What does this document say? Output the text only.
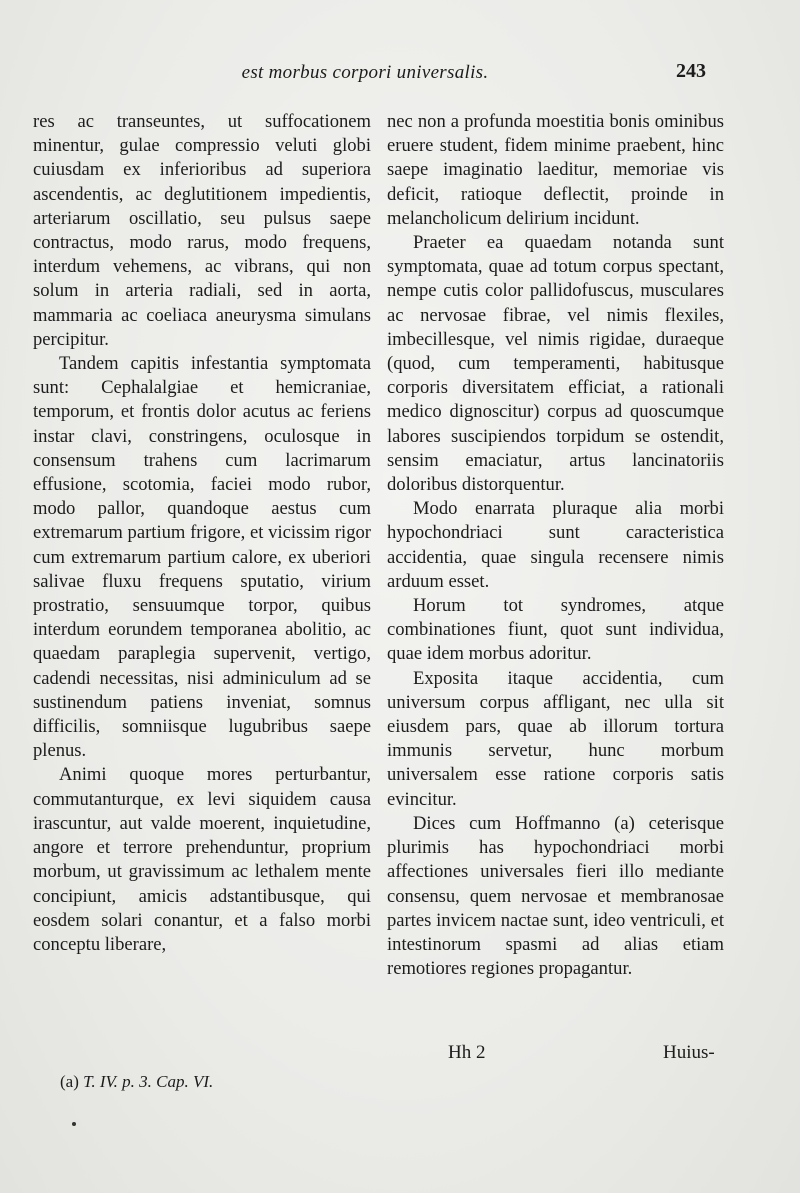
est morbus corpori universalis.	243

res ac transeuntes, ut suffocationem minentur, gulae compressio veluti globi cuiusdam ex inferioribus ad superiora ascendentis, ac deglutitionem impedientis, arteriarum oscillatio, seu pulsus saepe contractus, modo rarus, modo frequens, interdum vehemens, ac vibrans, qui non solum in arteria radiali, sed in aorta, mammaria ac coeliaca aneurysma simulans percipitur.

Tandem capitis infestantia symptomata sunt: Cephalalgiae et hemicraniae, temporum, et frontis dolor acutus ac feriens instar clavi, constringens, oculosque in consensum trahens cum lacrimarum effusione, scotomia, faciei modo rubor, modo pallor, quandoque aestus cum extremarum partium frigore, et vicissim rigor cum extremarum partium calore, ex uberiori salivae fluxu frequens sputatio, virium prostratio, sensuumque torpor, quibus interdum eorundem temporanea abolitio, ac quaedam paraplegia supervenit, vertigo, cadendi necessitas, nisi adminiculum ad se sustinendum patiens inveniat, somnus difficilis, somniisque lugubribus saepe plenus.

Animi quoque mores perturbantur, commutanturque, ex levi siquidem causa irascuntur, aut valde moerent, inquietudine, angore et terrore prehenduntur, proprium morbum, ut gravissimum ac lethalem mente concipiunt, amicis adstantibusque, qui eosdem solari conantur, et a falso morbi conceptu liberare,

nec non a profunda moestitia bonis ominibus eruere student, fidem minime praebent, hinc saepe imaginatio laeditur, memoriae vis deficit, ratioque deflectit, proinde in melancholicum delirium incidunt.

Praeter ea quaedam notanda sunt symptomata, quae ad totum corpus spectant, nempe cutis color pallidofuscus, musculares ac nervosae fibrae, vel nimis flexiles, imbecillesque, vel nimis rigidae, duraeque (quod, cum temperamenti, habitusque corporis diversitatem efficiat, a rationali medico dignoscitur) corpus ad quoscumque labores suscipiendos torpidum se ostendit, sensim emaciatur, artus lancinatoriis doloribus distorquentur.

Modo enarrata pluraque alia morbi hypochondriaci sunt caracteristica accidentia, quae singula recensere nimis arduum esset.

Horum tot syndromes, atque combinationes fiunt, quot sunt individua, quae idem morbus adoritur.

Exposita itaque accidentia, cum universum corpus affligant, nec ulla sit eiusdem pars, quae ab illorum tortura immunis servetur, hunc morbum universalem esse ratione corporis satis evincitur.

Dices cum Hoffmanno (a) ceterisque plurimis has hypochondriaci morbi affectiones universales fieri illo mediante consensu, quem nervosae et membranosae partes invicem nactae sunt, ideo ventriculi, et intestinorum spasmi ad alias etiam remotiores regiones propagantur.

Hh 2	Huius-
(a) T. IV. p. 3. Cap. VI.
